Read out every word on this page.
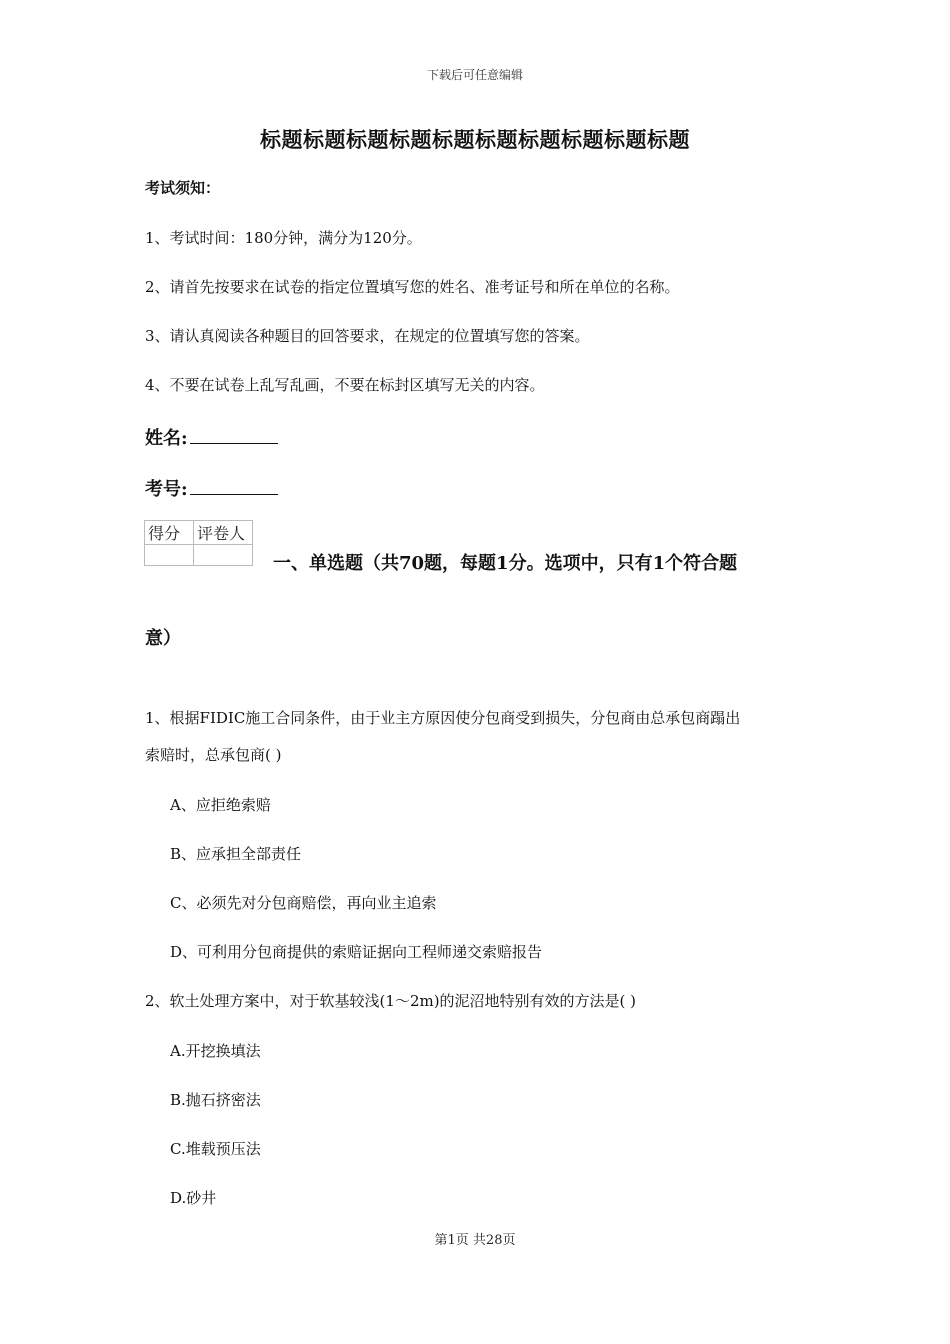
下载后可任意编辑
标题标题标题标题标题标题标题标题标题标题
考试须知：
1、考试时间：180分钟，满分为120分。
2、请首先按要求在试卷的指定位置填写您的姓名、准考证号和所在单位的名称。
3、请认真阅读各种题目的回答要求，在规定的位置填写您的答案。
4、不要在试卷上乱写乱画，不要在标封区填写无关的内容。
姓名:
考号:
得分	评卷人

一、单选题（共70题，每题1分。选项中，只有1个符合题
意）
1、根据FIDIC施工合同条件，由于业主方原因使分包商受到损失，分包商由总承包商蹋出
索赔时，总承包商( )
A、应拒绝索赔
B、应承担全部责任
C、必须先对分包商赔偿，再向业主追索
D、可利用分包商提供的索赔证据向工程师递交索赔报告
2、软土处理方案中，对于软基较浅(1～2m)的泥沼地特别有效的方法是( )
A.开挖换填法
B.抛石挤密法
C.堆载预压法
D.砂井
第1页 共28页
